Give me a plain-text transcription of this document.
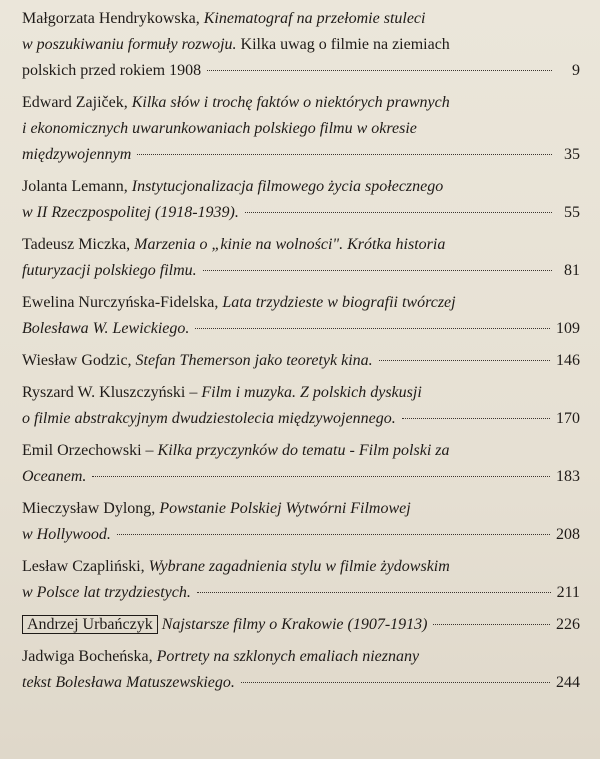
Małgorzata Hendrykowska, Kinematograf na przełomie stuleci
w poszukiwaniu formuły rozwoju. Kilka uwag o filmie na ziemiach
polskich przed rokiem 1908	9
Edward Zajiček, Kilka słów i trochę faktów o niektórych prawnych
i ekonomicznych uwarunkowaniach polskiego filmu w okresie
międzywojennym	35
Jolanta Lemann, Instytucjonalizacja filmowego życia społecznego
w II Rzeczpospolitej (1918-1939).	55
Tadeusz Miczka, Marzenia o „kinie na wolności". Krótka historia
futuryzacji polskiego filmu.	81
Ewelina Nurczyńska-Fidelska, Lata trzydzieste w biografii twórczej
Bolesława W. Lewickiego.	109
Wiesław Godzic, Stefan Themerson jako teoretyk kina.	146
Ryszard W. Kluszczyński – Film i muzyka. Z polskich dyskusji
o filmie abstrakcyjnym dwudziestolecia międzywojennego.	170
Emil Orzechowski – Kilka przyczynków do tematu - Film polski za
Oceanem.	183
Mieczysław Dylong, Powstanie Polskiej Wytwórni Filmowej
w Hollywood.	208
Lesław Czapliński, Wybrane zagadnienia stylu w filmie żydowskim
w Polsce lat trzydziestych.	211
Andrzej Urbańczyk Najstarsze filmy o Krakowie (1907-1913)	226
Jadwiga Bocheńska, Portrety na szklonych emaliach nieznany
tekst Bolesława Matuszewskiego.	244
